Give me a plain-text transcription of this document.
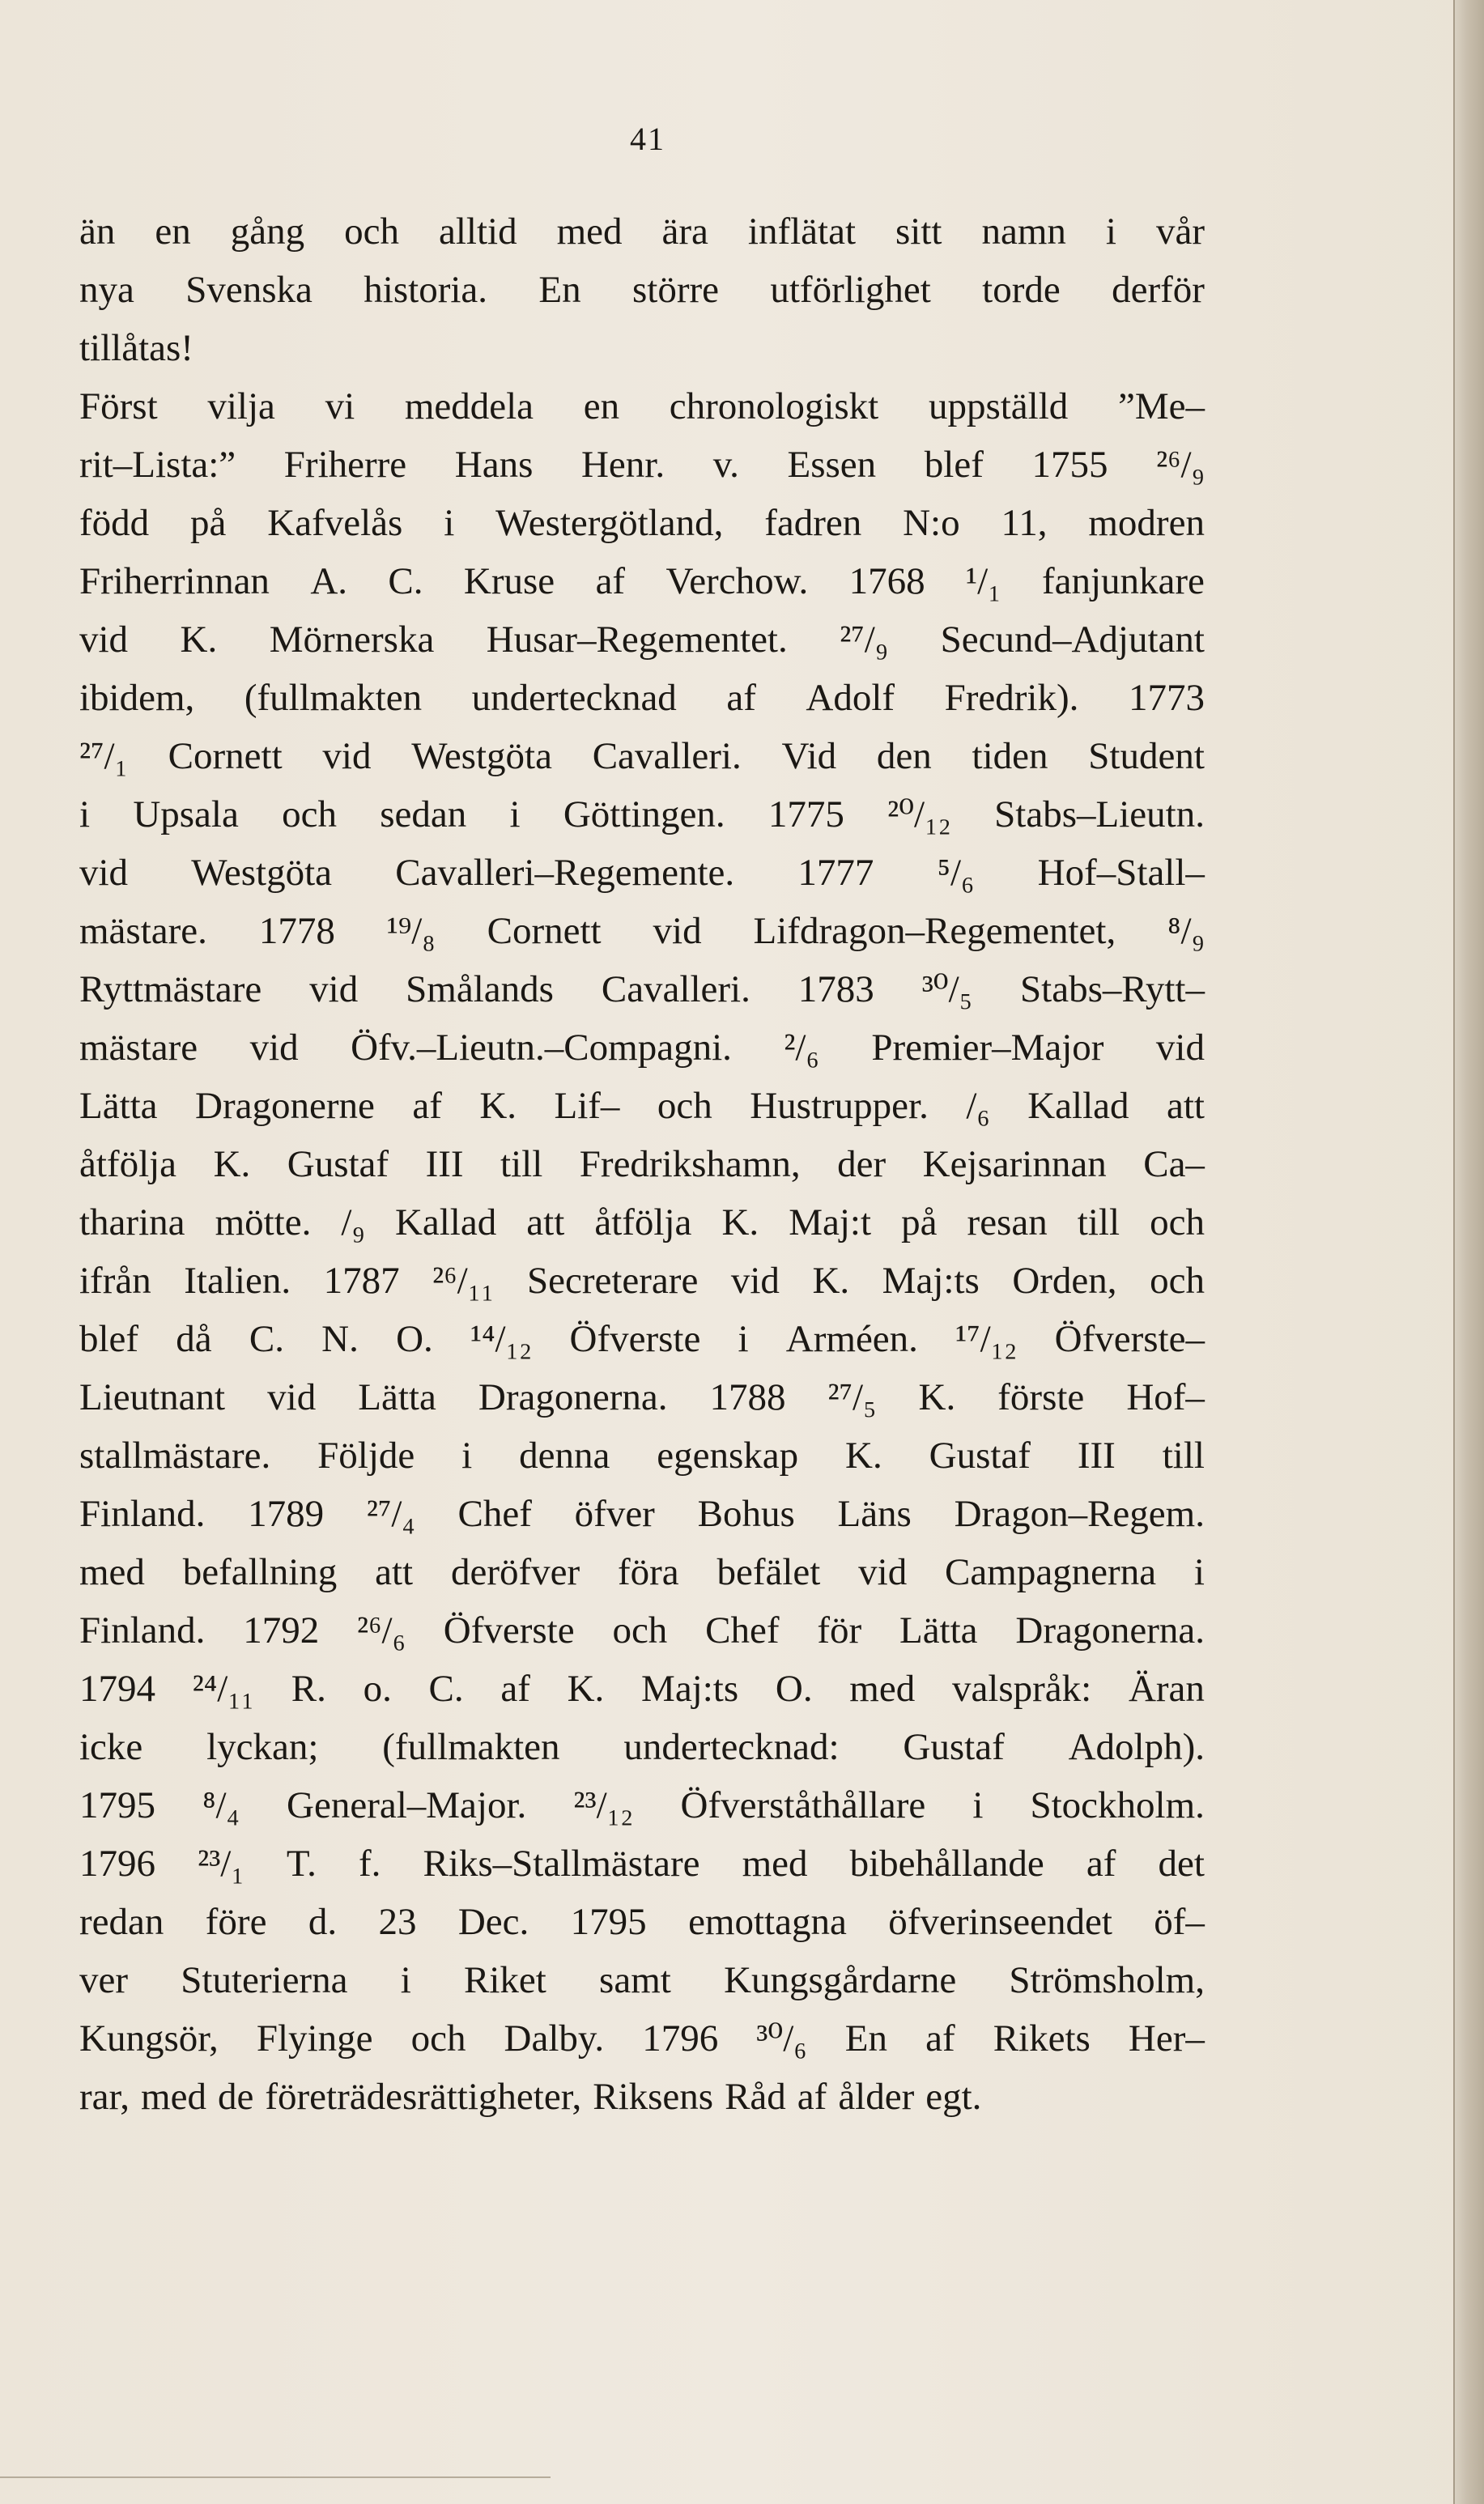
41
än en gång och alltid med ära inflätat sitt namn i vår
nya Svenska historia. En större utförlighet torde derför
tillåtas!
Först vilja vi meddela en chronologiskt uppställd ”Me–
rit–Lista:” Friherre Hans Henr. v. Essen blef 1755 ²⁶/₉
född på Kafvelås i Westergötland, fadren N:o 11, modren
Friherrinnan A. C. Kruse af Verchow. 1768 ¹/₁ fanjunkare
vid K. Mörnerska Husar–Regementet. ²⁷/₉ Secund–Adjutant
ibidem, (fullmakten undertecknad af Adolf Fredrik). 1773
²⁷/₁ Cornett vid Westgöta Cavalleri. Vid den tiden Student
i Upsala och sedan i Göttingen. 1775 ²⁰/₁₂ Stabs–Lieutn.
vid Westgöta Cavalleri–Regemente. 1777 ⁵/₆ Hof–Stall–
mästare. 1778 ¹⁹/₈ Cornett vid Lifdragon–Regementet, ⁸/₉
Ryttmästare vid Smålands Cavalleri. 1783 ³⁰/₅ Stabs–Rytt–
mästare vid Öfv.–Lieutn.–Compagni. ²/₆ Premier–Major vid
Lätta Dragonerne af K. Lif– och Hustrupper. /₆ Kallad att
åtfölja K. Gustaf III till Fredrikshamn, der Kejsarinnan Ca–
tharina mötte. /₉ Kallad att åtfölja K. Maj:t på resan till och
ifrån Italien. 1787 ²⁶/₁₁ Secreterare vid K. Maj:ts Orden, och
blef då C. N. O. ¹⁴/₁₂ Öfverste i Arméen. ¹⁷/₁₂ Öfverste–
Lieutnant vid Lätta Dragonerna. 1788 ²⁷/₅ K. förste Hof–
stallmästare. Följde i denna egenskap K. Gustaf III till
Finland. 1789 ²⁷/₄ Chef öfver Bohus Läns Dragon–Regem.
med befallning att deröfver föra befälet vid Campagnerna i
Finland. 1792 ²⁶/₆ Öfverste och Chef för Lätta Dragonerna.
1794 ²⁴/₁₁ R. o. C. af K. Maj:ts O. med valspråk: Äran
icke lyckan; (fullmakten undertecknad: Gustaf Adolph).
1795 ⁸/₄ General–Major. ²³/₁₂ Öfverståthållare i Stockholm.
1796 ²³/₁ T. f. Riks–Stallmästare med bibehållande af det
redan före d. 23 Dec. 1795 emottagna öfverinseendet öf–
ver Stuterierna i Riket samt Kungsgårdarne Strömsholm,
Kungsör, Flyinge och Dalby. 1796 ³⁰/₆ En af Rikets Her–
rar, med de företrädesrättigheter, Riksens Råd af ålder egt.
